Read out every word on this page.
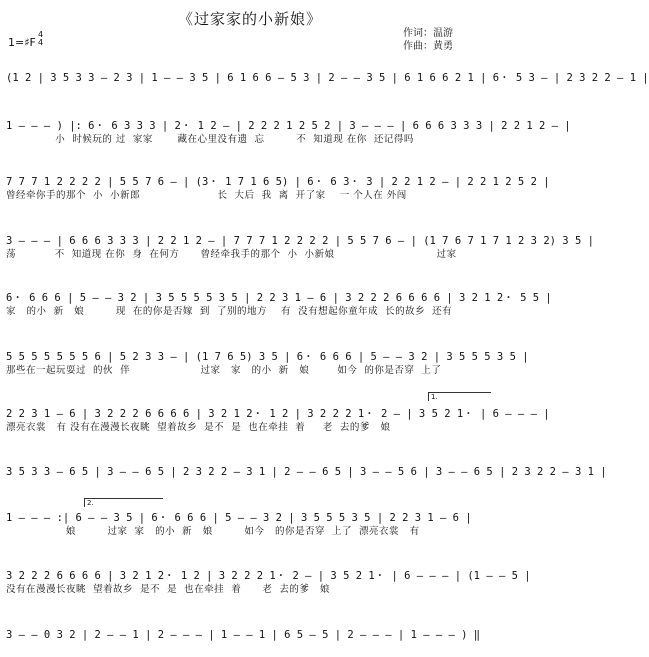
《过家家的小新娘》
作词：温游
作曲：黄勇
1=♯F
4
4
1.
2.
(1 2 | 3 5 3 3 – 2 3 | 1 – – 3 5 | 6 1 6 6 – 5 3 | 2 – – 3 5 | 6 1 6 6 2 1 | 6・ 5 3 – | 2 3 2 2 – 1 |
1 – – – ) |: 6・ 6 3 3 3 | 2・ 1 2 – | 2 2 2 1 2 5 2 | 3 – – – | 6 6 6 3 3 3 | 2 2 1 2 – |
小  时候玩的 过  家家       藏在心里没有遗  忘         不  知道现 在你  还记得吗
7 7 7 1 2 2 2 2 | 5 5 7 6 – | (3・ 1 7 1 6 5) | 6・ 6 3・ 3 | 2 2 1 2 – | 2 2 1 2 5 2 |
曾经牵你手的那个  小  小新郎                      长  大后  我  离  开了家    一 个人在 外闯
3 – – – | 6 6 6 3 3 3 | 2 2 1 2 – | 7 7 7 1 2 2 2 2 | 5 5 7 6 – | (1 7 6 7 1 7 1 2 3 2) 3 5 |
荡           不  知道现 在你  身  在何方      曾经牵我手的那个  小  小新娘                             过家
6・ 6 6 6 | 5 – – 3 2 | 3 5 5 5 5 3 5 | 2 2 3 1 – 6 | 3 2 2 2 6 6 6 6 | 3 2 1 2・ 5 5 |
家   的小  新   娘         现  在的你是否嫁  到  了别的地方    有  没有想起你童年成  长的故乡  还有
5 5 5 5 5 5 5 6 | 5 2 3 3 – | (1 7 6 5) 3 5 | 6・ 6 6 6 | 5 – – 3 2 | 3 5 5 5 3 5 |
那些在一起玩耍过  的伙  伴                    过家   家   的小  新   娘        如今  的你是否穿  上了
2 2 3 1 – 6 | 3 2 2 2 6 6 6 6 | 3 2 1 2・ 1 2 | 3 2 2 2 1・ 2 – | 3 5 2 1・ | 6 – – – |
漂亮衣裳   有 没有在漫漫长夜眺  望着故乡  是不  是  也在牵挂  着     老  去的爹   娘
3 5 3 3 – 6 5 | 3 – – 6 5 | 2 3 2 2 – 3 1 | 2 – – 6 5 | 3 – – 5 6 | 3 – – 6 5 | 2 3 2 2 – 3 1 |
1 – – – :| 6 – – 3 5 | 6・ 6 6 6 | 5 – – 3 2 | 3 5 5 5 3 5 | 2 2 3 1 – 6 |
娘         过家  家   的小  新   娘         如今   的你是否穿  上了  漂亮衣裳   有
3 2 2 2 6 6 6 6 | 3 2 1 2・ 1 2 | 3 2 2 2 1・ 2 – | 3 5 2 1・ | 6 – – – | (1 – – 5 |
没有在漫漫长夜眺  望着故乡  是不  是  也在牵挂  着      老  去的爹   娘
3 – – 0 3 2 | 2 – – 1 | 2 – – – | 1 – – 1 | 6 5 – 5 | 2 – – – | 1 – – – ) ‖
